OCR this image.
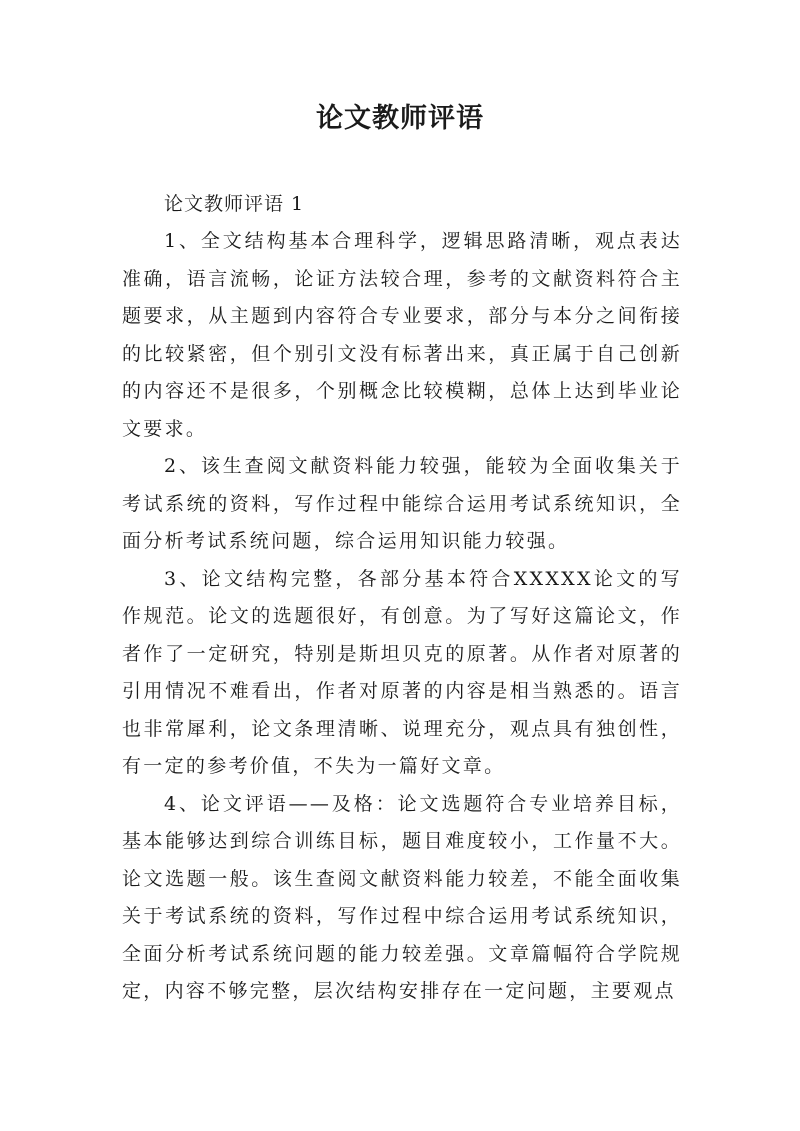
论文教师评语

论文教师评语 1

1、全文结构基本合理科学，逻辑思路清晰，观点表达准确，语言流畅，论证方法较合理，参考的文献资料符合主题要求，从主题到内容符合专业要求，部分与本分之间衔接的比较紧密，但个别引文没有标著出来，真正属于自己创新的内容还不是很多，个别概念比较模糊，总体上达到毕业论文要求。

2、该生查阅文献资料能力较强，能较为全面收集关于考试系统的资料，写作过程中能综合运用考试系统知识，全面分析考试系统问题，综合运用知识能力较强。

3、论文结构完整，各部分基本符合XXXXX论文的写作规范。论文的选题很好，有创意。为了写好这篇论文，作者作了一定研究，特别是斯坦贝克的原著。从作者对原著的引用情况不难看出，作者对原著的内容是相当熟悉的。语言也非常犀利，论文条理清晰、说理充分，观点具有独创性，有一定的参考价值，不失为一篇好文章。

4、论文评语——及格：论文选题符合专业培养目标，基本能够达到综合训练目标，题目难度较小，工作量不大。论文选题一般。该生查阅文献资料能力较差，不能全面收集关于考试系统的资料，写作过程中综合运用考试系统知识，全面分析考试系统问题的能力较差强。文章篇幅符合学院规定，内容不够完整，层次结构安排存在一定问题，主要观点
